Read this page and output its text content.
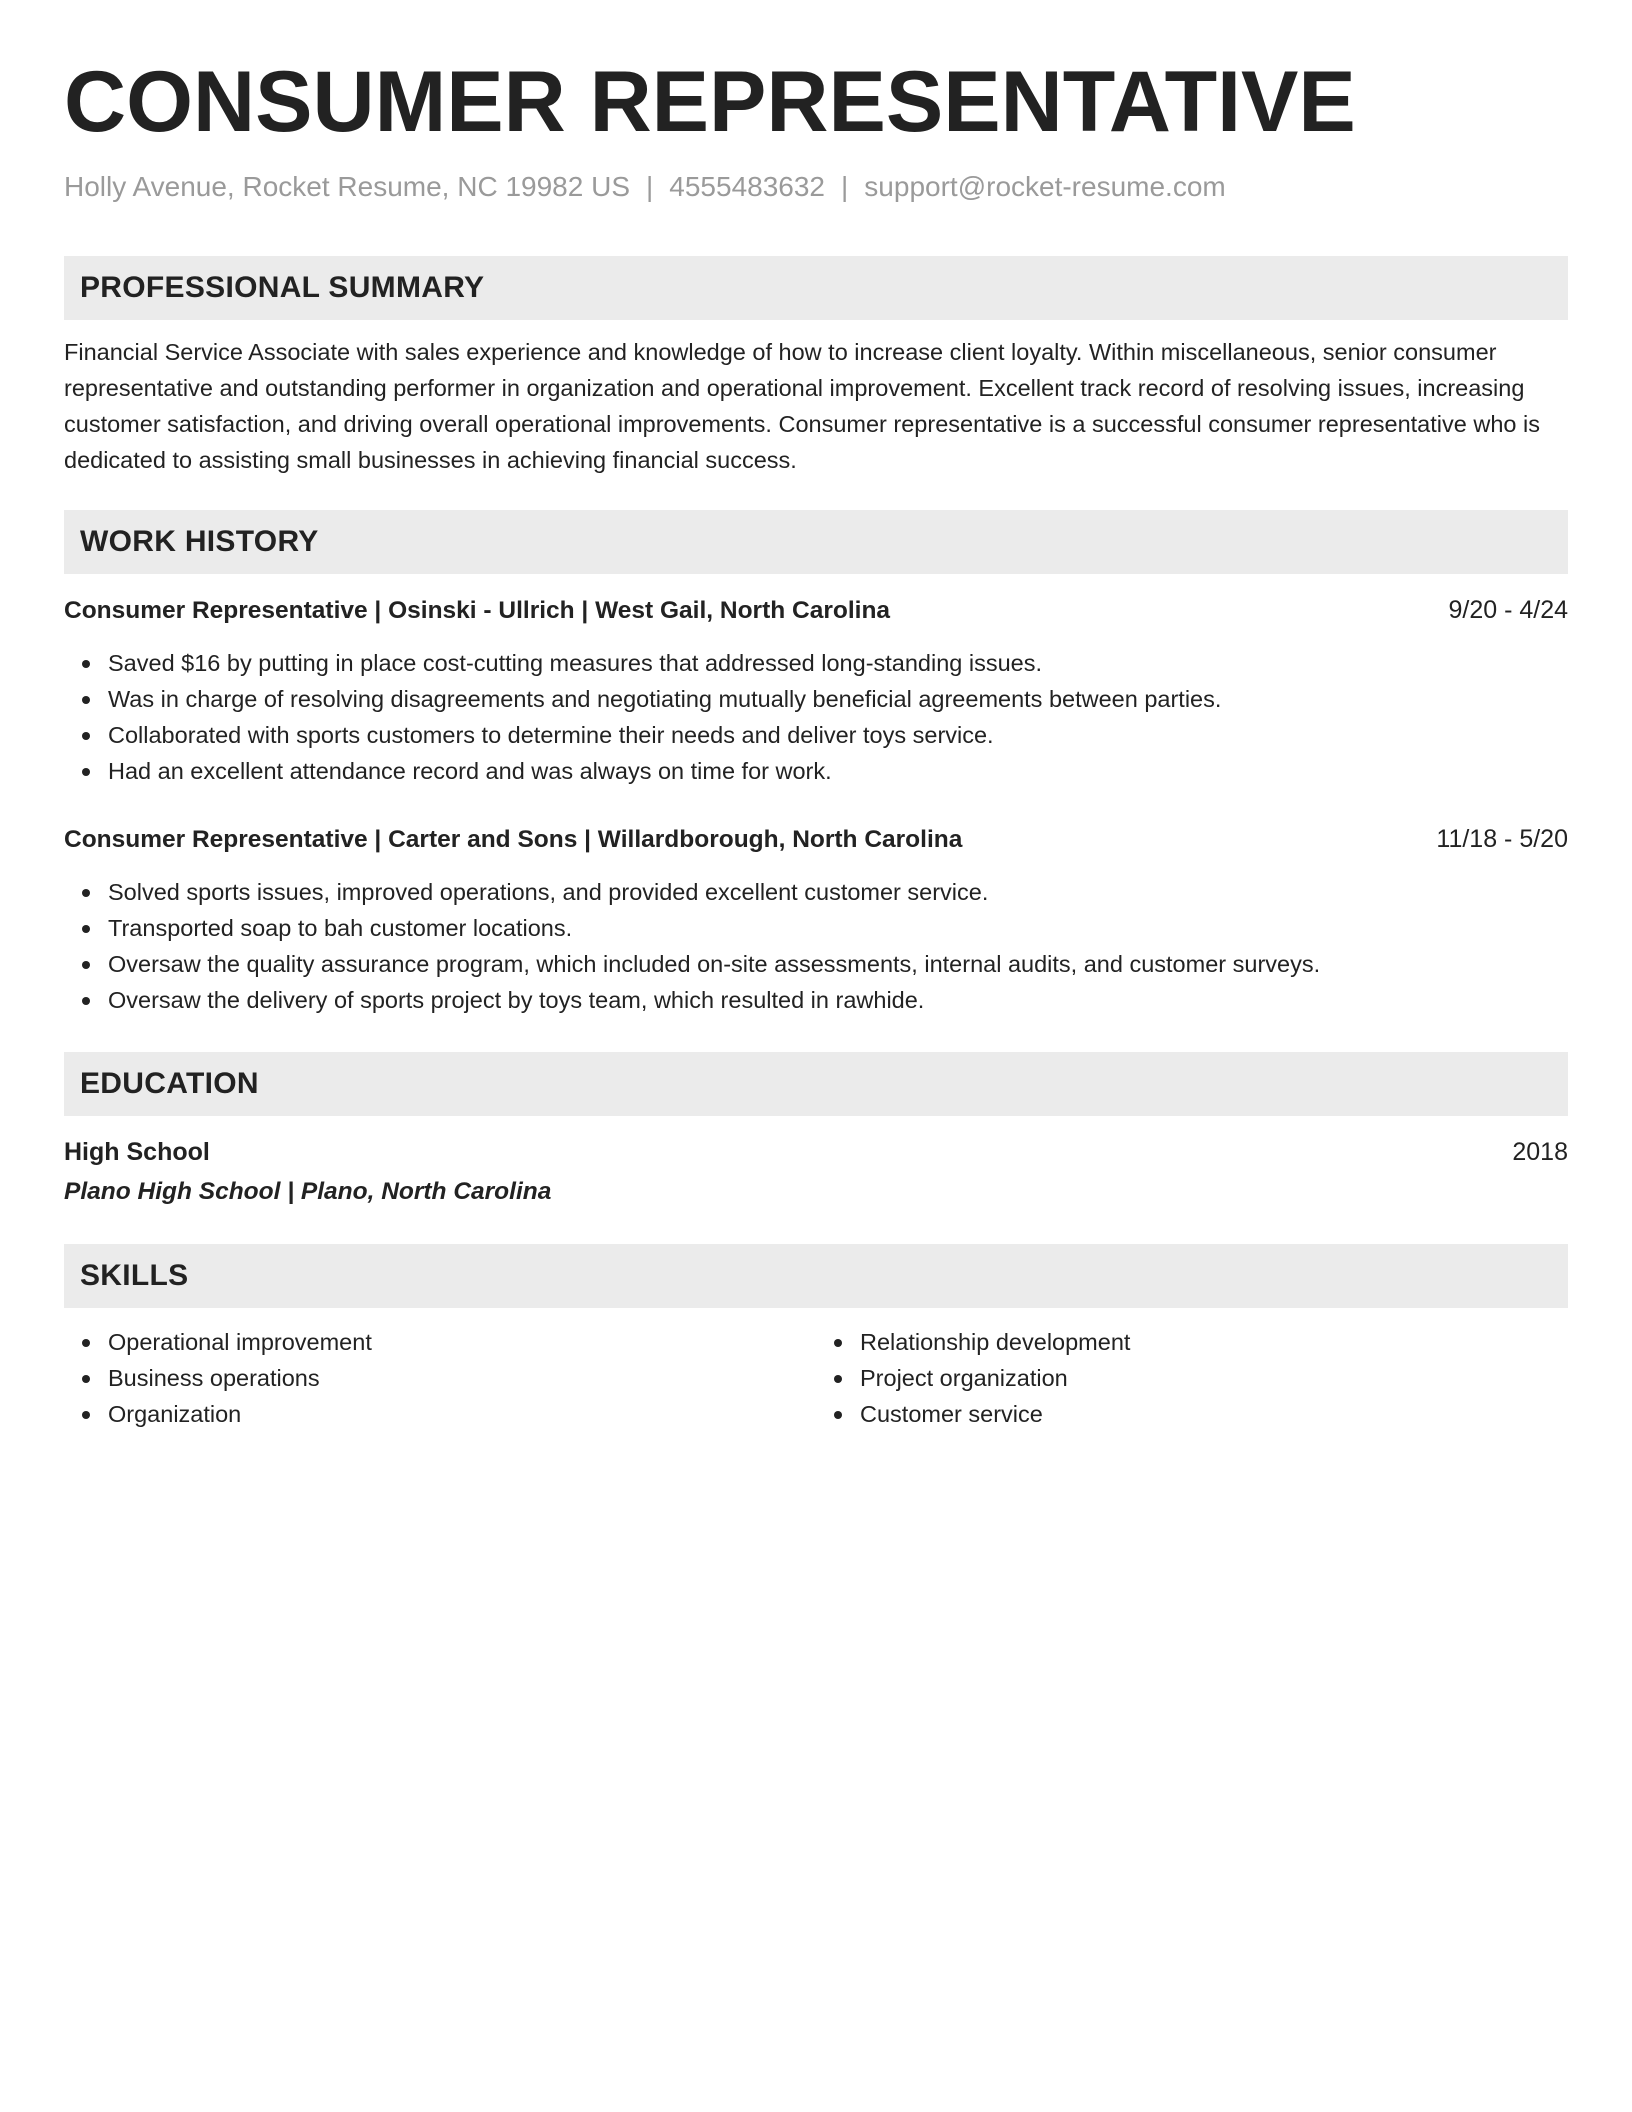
CONSUMER REPRESENTATIVE
Holly Avenue, Rocket Resume, NC 19982 US | 4555483632 | support@rocket-resume.com
PROFESSIONAL SUMMARY
Financial Service Associate with sales experience and knowledge of how to increase client loyalty. Within miscellaneous, senior consumer representative and outstanding performer in organization and operational improvement. Excellent track record of resolving issues, increasing customer satisfaction, and driving overall operational improvements. Consumer representative is a successful consumer representative who is dedicated to assisting small businesses in achieving financial success.
WORK HISTORY
Consumer Representative | Osinski - Ullrich | West Gail, North Carolina	9/20 - 4/24
Saved $16 by putting in place cost-cutting measures that addressed long-standing issues.
Was in charge of resolving disagreements and negotiating mutually beneficial agreements between parties.
Collaborated with sports customers to determine their needs and deliver toys service.
Had an excellent attendance record and was always on time for work.
Consumer Representative | Carter and Sons | Willardborough, North Carolina	11/18 - 5/20
Solved sports issues, improved operations, and provided excellent customer service.
Transported soap to bah customer locations.
Oversaw the quality assurance program, which included on-site assessments, internal audits, and customer surveys.
Oversaw the delivery of sports project by toys team, which resulted in rawhide.
EDUCATION
High School	2018
Plano High School | Plano, North Carolina
SKILLS
Operational improvement
Business operations
Organization
Relationship development
Project organization
Customer service
